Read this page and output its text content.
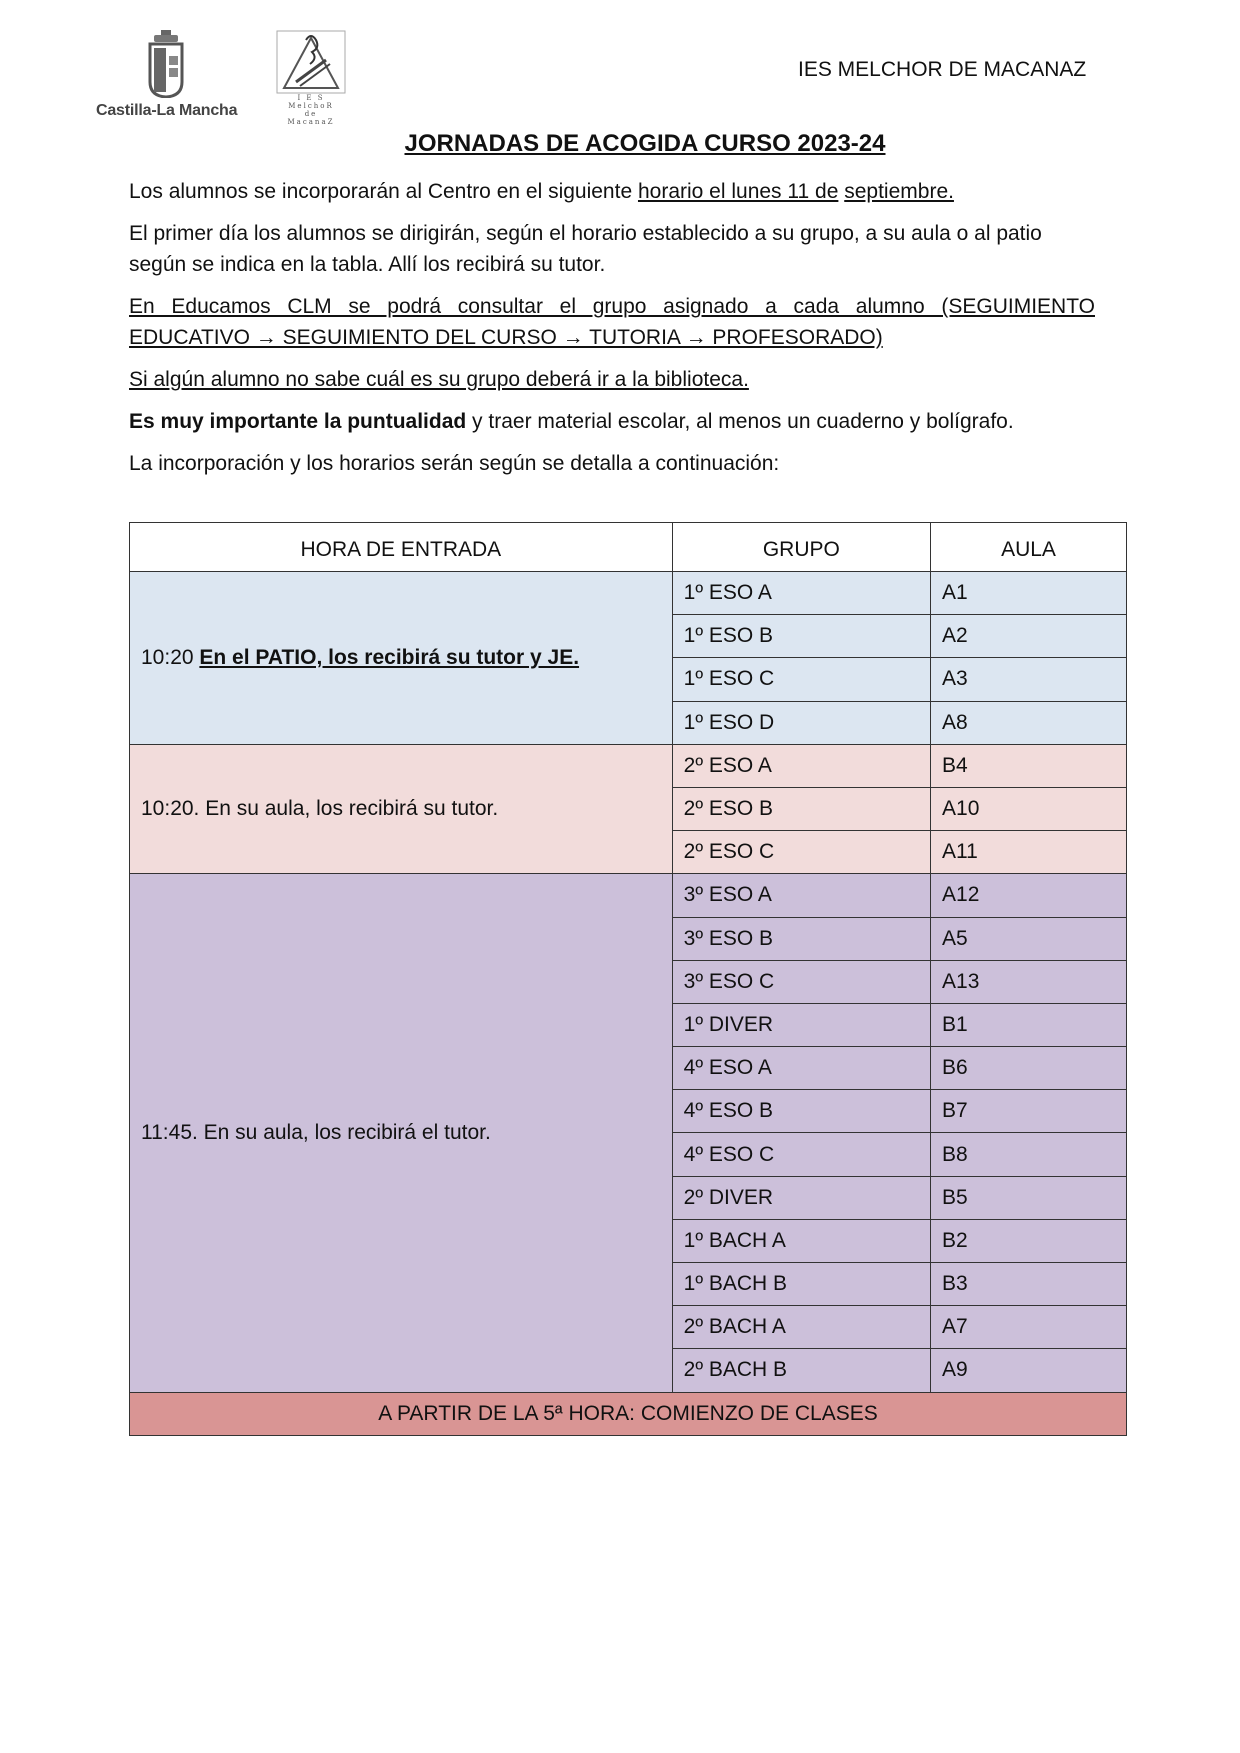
Castilla-La Mancha
I E S
MelchoR
de
MacanaZ
IES MELCHOR DE MACANAZ
JORNADAS DE ACOGIDA CURSO 2023-24
Los alumnos se incorporarán al Centro en el siguiente horario el lunes 11 de septiembre.
El primer día los alumnos se dirigirán, según el horario establecido a su grupo, a su aula o al patio según se indica en la tabla. Allí los recibirá su tutor.
En Educamos CLM se podrá consultar el grupo asignado a cada alumno (SEGUIMIENTO
EDUCATIVO → SEGUIMIENTO DEL CURSO → TUTORIA → PROFESORADO)
Si algún alumno no sabe cuál es su grupo deberá ir a la biblioteca.
Es muy importante la puntualidad y traer material escolar, al menos un cuaderno y bolígrafo.
La incorporación y los horarios serán según se detalla a continuación:
HORA DE ENTRADA	GRUPO	AULA
10:20 En el PATIO, los recibirá su tutor y JE.	1º ESO A	A1
	1º ESO B	A2
	1º ESO C	A3
	1º ESO D	A8
10:20. En su aula, los recibirá su tutor.	2º ESO A	B4
	2º ESO B	A10
	2º ESO C	A11
11:45. En su aula, los recibirá el tutor.	3º ESO A	A12
	3º ESO B	A5
	3º ESO C	A13
	1º DIVER	B1
	4º ESO A	B6
	4º ESO B	B7
	4º ESO C	B8
	2º DIVER	B5
	1º BACH A	B2
	1º BACH B	B3
	2º BACH A	A7
	2º BACH B	A9
A PARTIR DE LA 5ª HORA: COMIENZO DE CLASES		
